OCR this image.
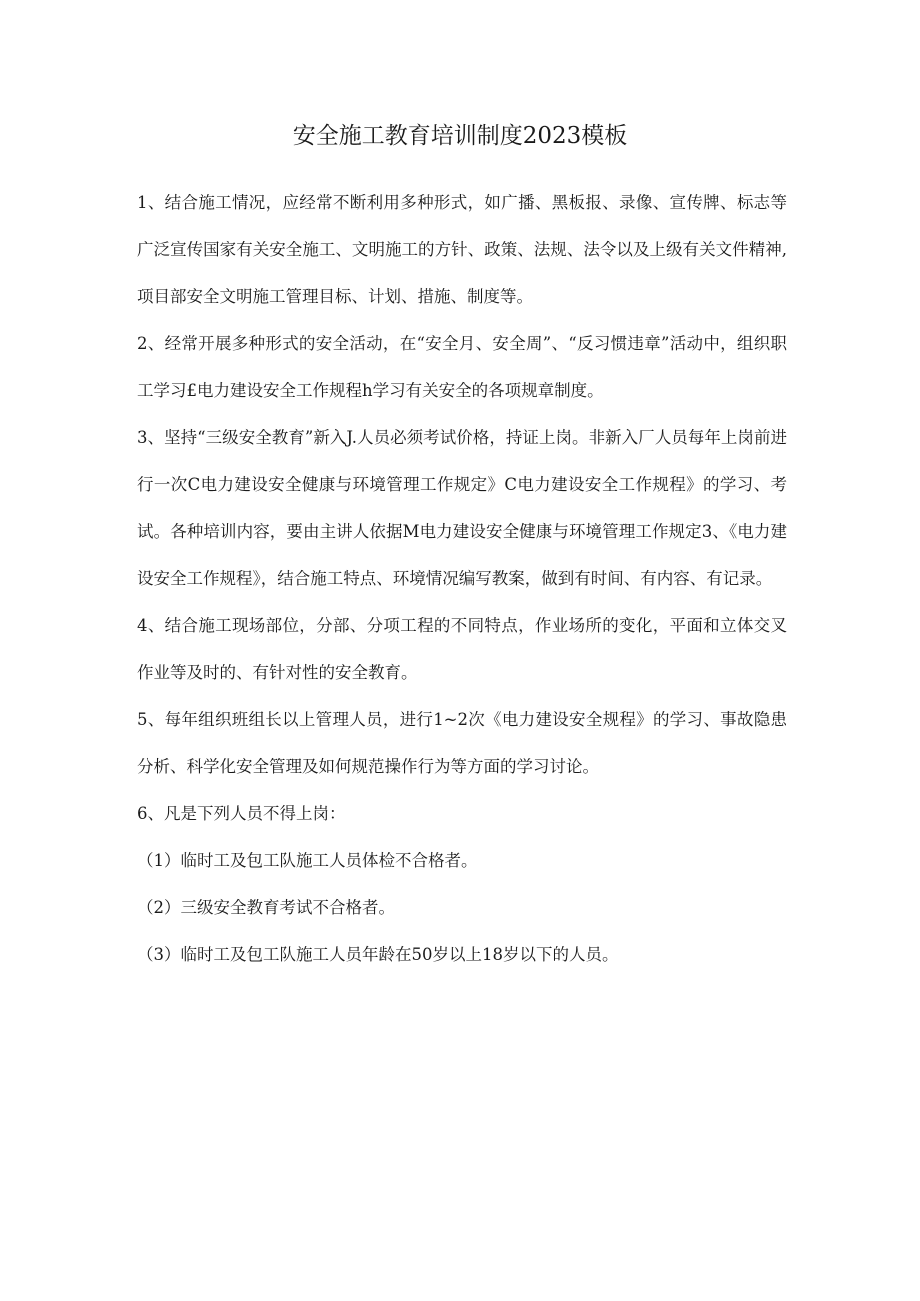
安全施工教育培训制度2023模板

1、结合施工情况，应经常不断利用多种形式，如广播、黑板报、录像、宣传牌、标志等广泛宣传国家有关安全施工、文明施工的方针、政策、法规、法令以及上级有关文件精神,项目部安全文明施工管理目标、计划、措施、制度等。

2、经常开展多种形式的安全活动，在“安全月、安全周”、“反习惯违章”活动中，组织职工学习£电力建设安全工作规程h学习有关安全的各项规章制度。

3、坚持“三级安全教育”新入J.人员必须考试价格，持证上岗。非新入厂人员每年上岗前进行一次C电力建设安全健康与环境管理工作规定》C电力建设安全工作规程》的学习、考试。各种培训内容，要由主讲人依据M电力建设安全健康与环境管理工作规定3、《电力建设安全工作规程》，结合施工特点、环境情况编写教案，做到有时间、有内容、有记录。

4、结合施工现场部位，分部、分项工程的不同特点，作业场所的变化，平面和立体交叉作业等及时的、有针对性的安全教育。

5、每年组织班组长以上管理人员，进行1~2次《电力建设安全规程》的学习、事故隐患分析、科学化安全管理及如何规范操作行为等方面的学习讨论。

6、凡是下列人员不得上岗：

（1）临时工及包工队施工人员体检不合格者。

（2）三级安全教育考试不合格者。

（3）临时工及包工队施工人员年龄在50岁以上18岁以下的人员。
